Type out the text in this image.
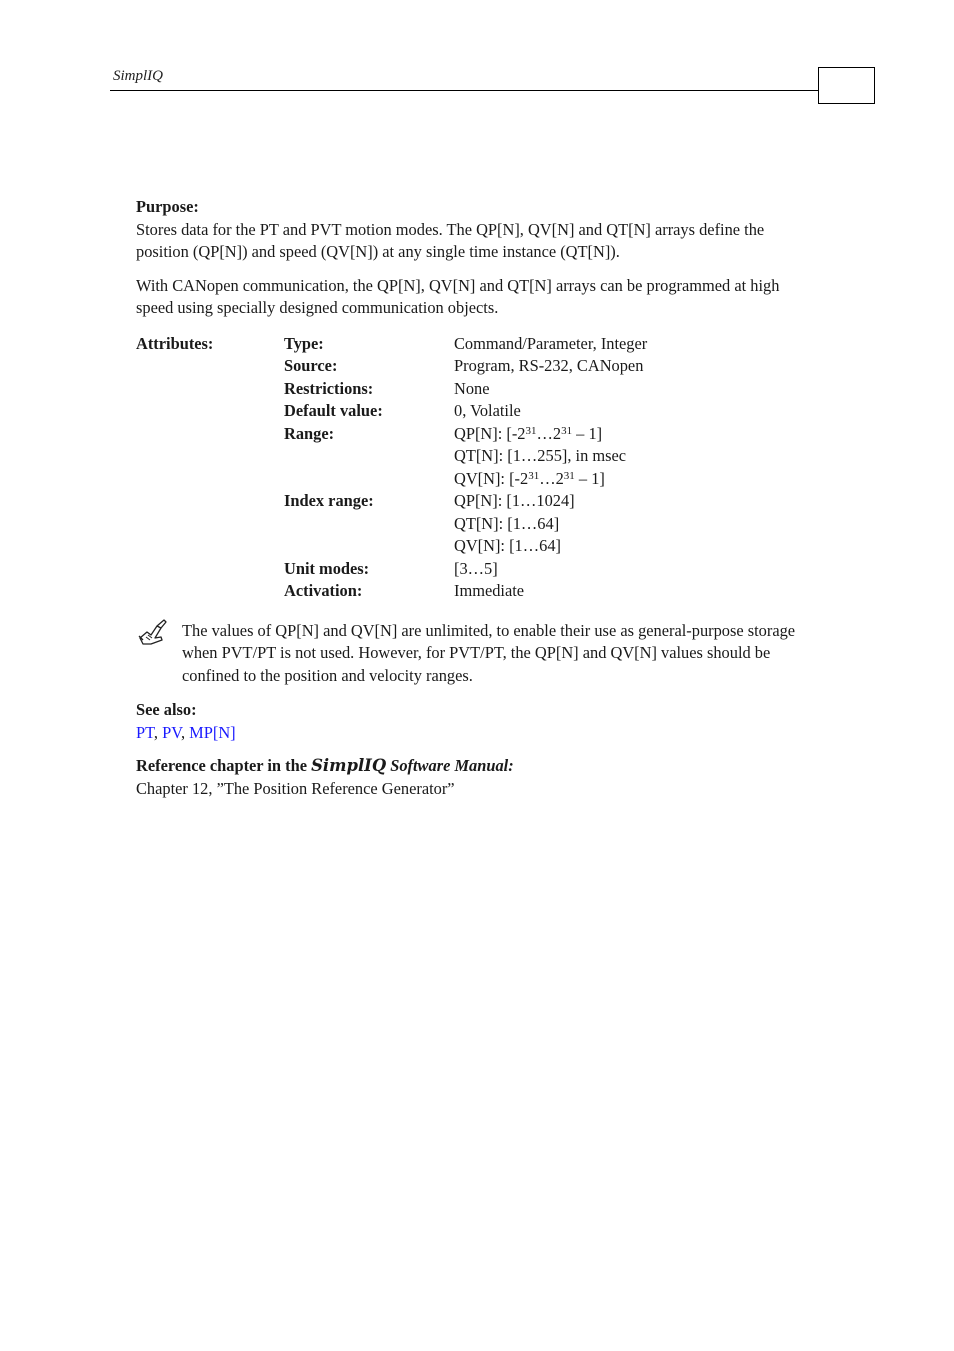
SimplIQ
Purpose:

Stores data for the PT and PVT motion modes. The QP[N], QV[N] and QT[N] arrays define the position (QP[N]) and speed (QV[N]) at any single time instance (QT[N]).

With CANopen communication, the QP[N], QV[N] and QT[N] arrays can be programmed at high speed using specially designed communication objects.

Attributes:	Type:	Command/Parameter, Integer
	Source:	Program, RS-232, CANopen
	Restrictions:	None
	Default value:	0, Volatile
	Range:	QP[N]: $[-2^{31}\dots 2^{31} - 1]$
		QT[N]: [1…255], in msec
		QV[N]: $[-2^{31}\dots 2^{31} - 1]$
	Index range:	QP[N]: [1…1024]
		QT[N]: [1…64]
		QV[N]: [1…64]
	Unit modes:	[3…5]
	Activation:	Immediate

The values of QP[N] and QV[N] are unlimited, to enable their use as general-purpose storage when PVT/PT is not used. However, for PVT/PT, the QP[N] and QV[N] values should be confined to the position and velocity ranges.

See also:
PT, PV, MP[N]
Reference chapter in the SimplIQ Software Manual:

Chapter 12, ”The Position Reference Generator”
